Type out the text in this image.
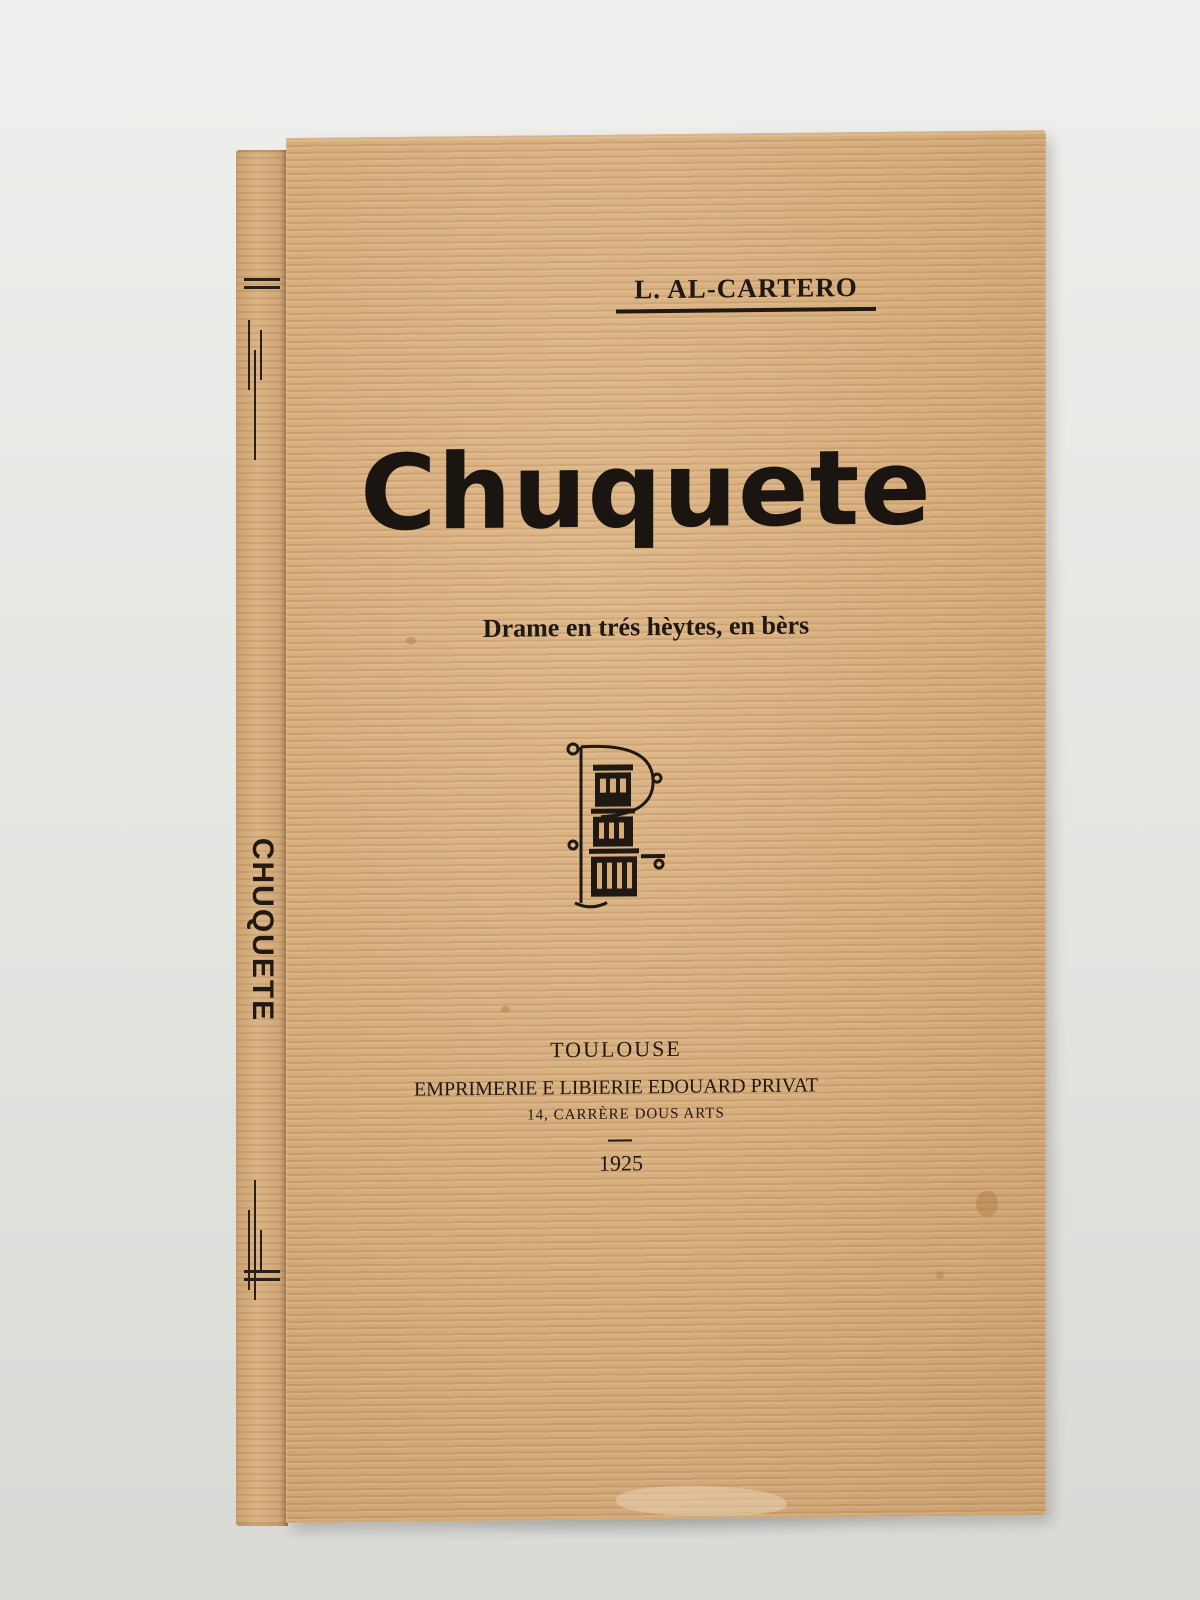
CHUQUETE
L. AL-CARTERO
Chuquete
Drame en trés hèytes, en bèrs
TOULOUSE
EMPRIMERIE E LIBIERIE EDOUARD PRIVAT
14, CARRÈRE DOUS ARTS
1925
